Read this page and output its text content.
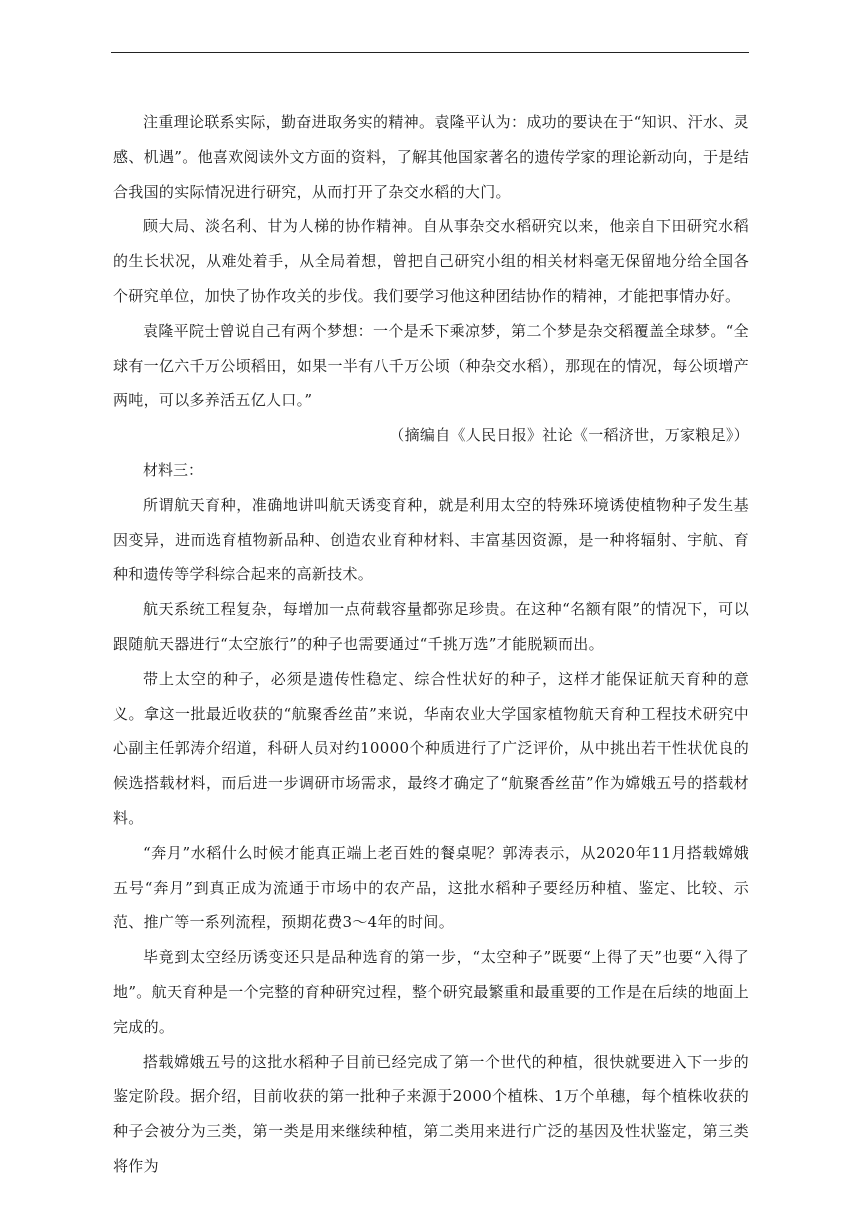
注重理论联系实际，勤奋进取务实的精神。袁隆平认为：成功的要诀在于“知识、汗水、灵感、机遇”。他喜欢阅读外文方面的资料，了解其他国家著名的遗传学家的理论新动向，于是结合我国的实际情况进行研究，从而打开了杂交水稻的大门。

顾大局、淡名利、甘为人梯的协作精神。自从事杂交水稻研究以来，他亲自下田研究水稻的生长状况，从难处着手，从全局着想，曾把自己研究小组的相关材料毫无保留地分给全国各个研究单位，加快了协作攻关的步伐。我们要学习他这种团结协作的精神，才能把事情办好。

袁隆平院士曾说自己有两个梦想：一个是禾下乘凉梦，第二个梦是杂交稻覆盖全球梦。“全球有一亿六千万公顷稻田，如果一半有八千万公顷（种杂交水稻），那现在的情况，每公顷增产两吨，可以多养活五亿人口。”

（摘编自《人民日报》社论《一稻济世，万家粮足》）

材料三：

所谓航天育种，准确地讲叫航天诱变育种，就是利用太空的特殊环境诱使植物种子发生基因变异，进而选育植物新品种、创造农业育种材料、丰富基因资源，是一种将辐射、宇航、育种和遗传等学科综合起来的高新技术。

航天系统工程复杂，每增加一点荷载容量都弥足珍贵。在这种“名额有限”的情况下，可以跟随航天器进行“太空旅行”的种子也需要通过“千挑万选”才能脱颖而出。

带上太空的种子，必须是遗传性稳定、综合性状好的种子，这样才能保证航天育种的意义。拿这一批最近收获的“航聚香丝苗”来说，华南农业大学国家植物航天育种工程技术研究中心副主任郭涛介绍道，科研人员对约10000个种质进行了广泛评价，从中挑出若干性状优良的候选搭载材料，而后进一步调研市场需求，最终才确定了“航聚香丝苗”作为嫦娥五号的搭载材料。

“奔月”水稻什么时候才能真正端上老百姓的餐桌呢？郭涛表示，从2020年11月搭载嫦娥五号“奔月”到真正成为流通于市场中的农产品，这批水稻种子要经历种植、鉴定、比较、示范、推广等一系列流程，预期花费3～4年的时间。

毕竟到太空经历诱变还只是品种选育的第一步，“太空种子”既要“上得了天”也要“入得了地”。航天育种是一个完整的育种研究过程，整个研究最繁重和最重要的工作是在后续的地面上完成的。

搭载嫦娥五号的这批水稻种子目前已经完成了第一个世代的种植，很快就要进入下一步的鉴定阶段。据介绍，目前收获的第一批种子来源于2000个植株、1万个单穗，每个植株收获的种子会被分为三类，第一类是用来继续种植，第二类用来进行广泛的基因及性状鉴定，第三类将作为
